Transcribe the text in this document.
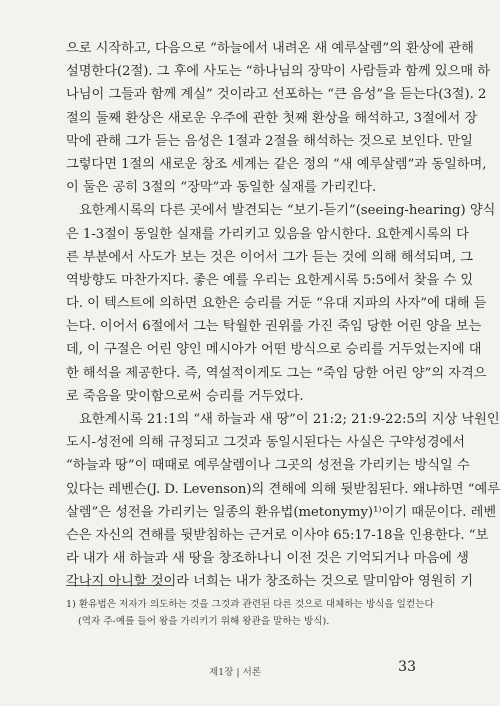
으로 시작하고, 다음으로 “하늘에서 내려온 새 예루살렘”의 환상에 관해
설명한다(2절). 그 후에 사도는 “하나님의 장막이 사람들과 함께 있으매 하
나님이 그들과 함께 계실” 것이라고 선포하는 “큰 음성”을 듣는다(3절). 2
절의 둘째 환상은 새로운 우주에 관한 첫째 환상을 해석하고, 3절에서 장
막에 관해 그가 듣는 음성은 1절과 2절을 해석하는 것으로 보인다. 만일
그렇다면 1절의 새로운 창조 세계는 같은 정의 “새 예루살렘”과 동일하며,
이 둘은 공히 3절의 “장막”과 동일한 실재를 가리킨다.
요한계시록의 다른 곳에서 발견되는 “보기-듣기”(seeing-hearing) 양식
은 1-3절이 동일한 실재를 가리키고 있음을 암시한다. 요한계시록의 다
른 부분에서 사도가 보는 것은 이어서 그가 듣는 것에 의해 해석되며, 그
역방향도 마찬가지다. 좋은 예를 우리는 요한계시록 5:5에서 찾을 수 있
다. 이 텍스트에 의하면 요한은 승리를 거둔 “유대 지파의 사자”에 대해 듣
는다. 이어서 6절에서 그는 탁월한 권위를 가진 죽임 당한 어린 양을 보는
데, 이 구절은 어린 양인 메시아가 어떤 방식으로 승리를 거두었는지에 대
한 해석을 제공한다. 즉, 역설적이게도 그는 “죽임 당한 어린 양”의 자격으
로 죽음을 맞이함으로써 승리를 거두었다.
요한계시록 21:1의 “새 하늘과 새 땅”이 21:2; 21:9-22:5의 지상 낙원인
도시-성전에 의해 규정되고 그것과 동일시된다는 사실은 구약성경에서
“하늘과 땅”이 때때로 예루살렘이나 그곳의 성전을 가리키는 방식일 수
있다는 레벤슨(J. D. Levenson)의 견해에 의해 뒷받침된다. 왜냐하면 “예루
살렘”은 성전을 가리키는 일종의 환유법(metonymy)¹⁾이기 때문이다. 레벤
슨은 자신의 견해를 뒷받침하는 근거로 이사야 65:17-18을 인용한다. “보
라 내가 새 하늘과 새 땅을 창조하나니 이전 것은 기억되거나 마음에 생
각나지 아니할 것이라 너희는 내가 창조하는 것으로 말미암아 영원히 기
1) 환유법은 저자가 의도하는 것을 그것과 관련된 다른 것으로 대체하는 방식을 일컫는다
(역자 주-예를 들어 왕을 가리키기 위해 왕관을 말하는 방식).
제1장 | 서론	33
